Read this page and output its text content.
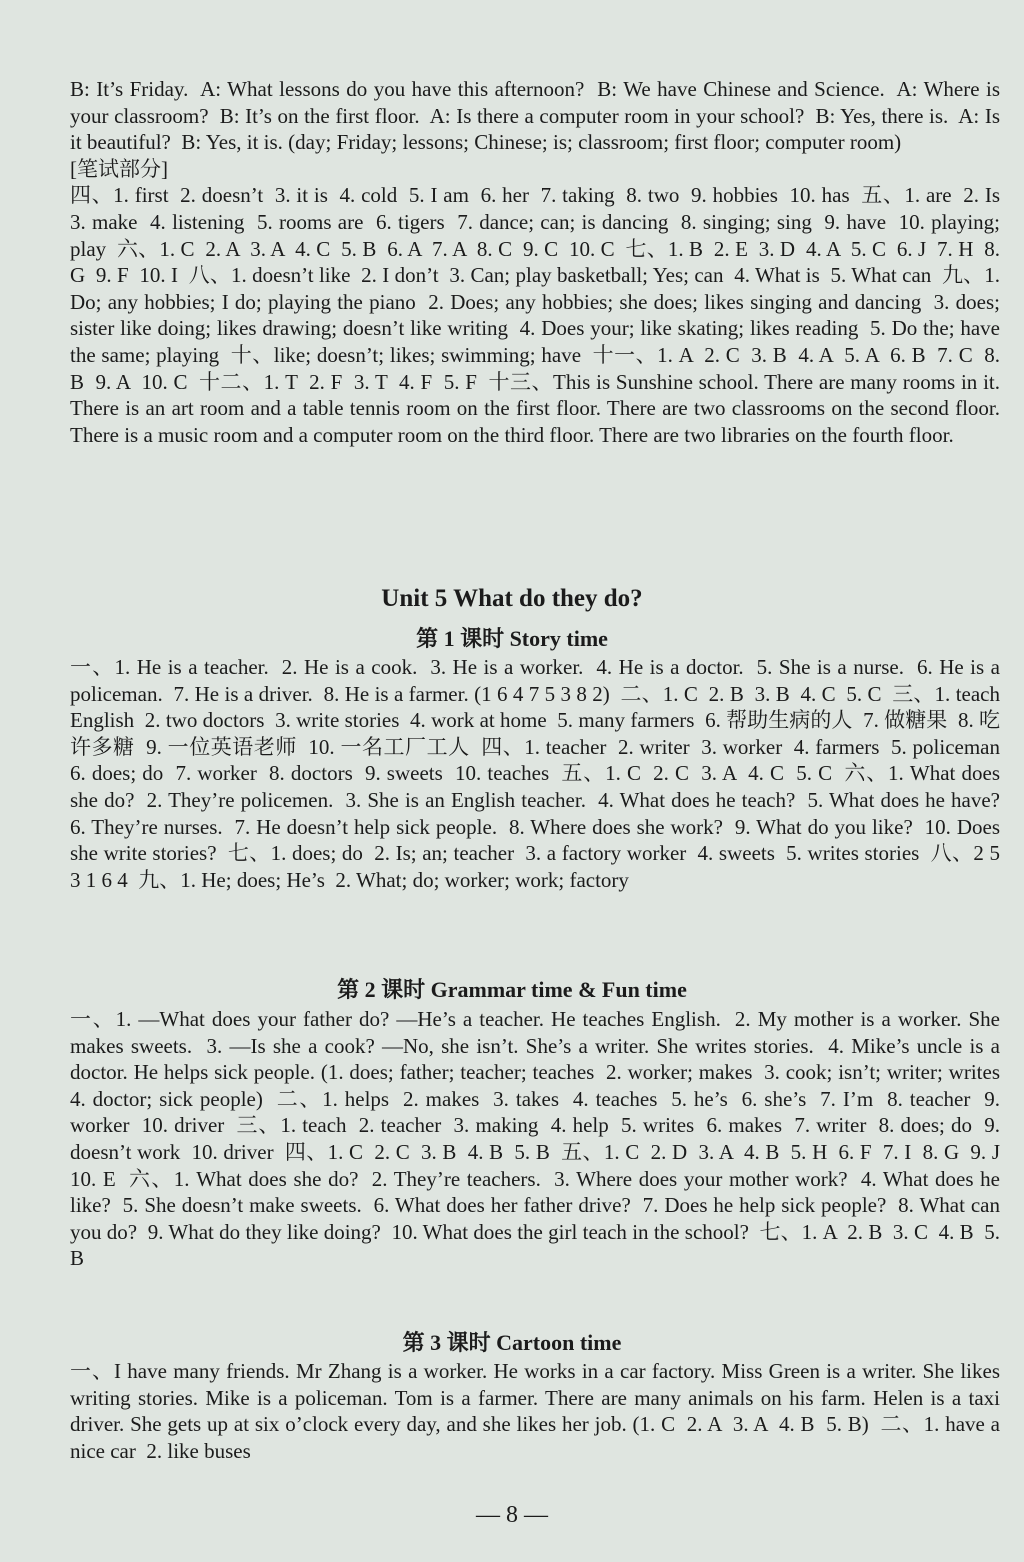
B: It’s Friday.  A: What lessons do you have this afternoon?  B: We have Chinese and Science.  A: Where is your classroom?  B: It’s on the first floor.  A: Is there a computer room in your school?  B: Yes, there is.  A: Is it beautiful?  B: Yes, it is. (day; Friday; lessons; Chinese; is; classroom; first floor; computer room)
[笔试部分]
四、1. first  2. doesn’t  3. it is  4. cold  5. I am  6. her  7. taking  8. two  9. hobbies  10. has  五、1. are  2. Is  3. make  4. listening  5. rooms are  6. tigers  7. dance; can; is dancing  8. singing; sing  9. have  10. playing; play  六、1. C  2. A  3. A  4. C  5. B  6. A  7. A  8. C  9. C  10. C  七、1. B  2. E  3. D  4. A  5. C  6. J  7. H  8. G  9. F  10. I  八、1. doesn’t like  2. I don’t  3. Can; play basketball; Yes; can  4. What is  5. What can  九、1. Do; any hobbies; I do; playing the piano  2. Does; any hobbies; she does; likes singing and dancing  3. does; sister like doing; likes drawing; doesn’t like writing  4. Does your; like skating; likes reading  5. Do the; have the same; playing  十、like; doesn’t; likes; swimming; have  十一、1. A  2. C  3. B  4. A  5. A  6. B  7. C  8. B  9. A  10. C  十二、1. T  2. F  3. T  4. F  5. F  十三、This is Sunshine school. There are many rooms in it. There is an art room and a table tennis room on the first floor. There are two classrooms on the second floor. There is a music room and a computer room on the third floor. There are two libraries on the fourth floor.
Unit 5 What do they do?
第 1 课时 Story time
一、1. He is a teacher.  2. He is a cook.  3. He is a worker.  4. He is a doctor.  5. She is a nurse.  6. He is a policeman.  7. He is a driver.  8. He is a farmer. (1 6 4 7 5 3 8 2)  二、1. C  2. B  3. B  4. C  5. C  三、1. teach English  2. two doctors  3. write stories  4. work at home  5. many farmers  6. 帮助生病的人  7. 做糖果  8. 吃许多糖  9. 一位英语老师  10. 一名工厂工人  四、1. teacher  2. writer  3. worker  4. farmers  5. policeman  6. does; do  7. worker  8. doctors  9. sweets  10. teaches  五、1. C  2. C  3. A  4. C  5. C  六、1. What does she do?  2. They’re policemen.  3. She is an English teacher.  4. What does he teach?  5. What does he have?  6. They’re nurses.  7. He doesn’t help sick people.  8. Where does she work?  9. What do you like?  10. Does she write stories?  七、1. does; do  2. Is; an; teacher  3. a factory worker  4. sweets  5. writes stories  八、2 5 3 1 6 4  九、1. He; does; He’s  2. What; do; worker; work; factory
第 2 课时 Grammar time & Fun time
一、1. —What does your father do? —He’s a teacher. He teaches English.  2. My mother is a worker. She makes sweets.  3. —Is she a cook? —No, she isn’t. She’s a writer. She writes stories.  4. Mike’s uncle is a doctor. He helps sick people. (1. does; father; teacher; teaches  2. worker; makes  3. cook; isn’t; writer; writes  4. doctor; sick people)  二、1. helps  2. makes  3. takes  4. teaches  5. he’s  6. she’s  7. I’m  8. teacher  9. worker  10. driver  三、1. teach  2. teacher  3. making  4. help  5. writes  6. makes  7. writer  8. does; do  9. doesn’t work  10. driver  四、1. C  2. C  3. B  4. B  5. B  五、1. C  2. D  3. A  4. B  5. H  6. F  7. I  8. G  9. J  10. E  六、1. What does she do?  2. They’re teachers.  3. Where does your mother work?  4. What does he like?  5. She doesn’t make sweets.  6. What does her father drive?  7. Does he help sick people?  8. What can you do?  9. What do they like doing?  10. What does the girl teach in the school?  七、1. A  2. B  3. C  4. B  5. B
第 3 课时 Cartoon time
一、I have many friends. Mr Zhang is a worker. He works in a car factory. Miss Green is a writer. She likes writing stories. Mike is a policeman. Tom is a farmer. There are many animals on his farm. Helen is a taxi driver. She gets up at six o’clock every day, and she likes her job. (1. C  2. A  3. A  4. B  5. B)  二、1. have a nice car  2. like buses
— 8 —
